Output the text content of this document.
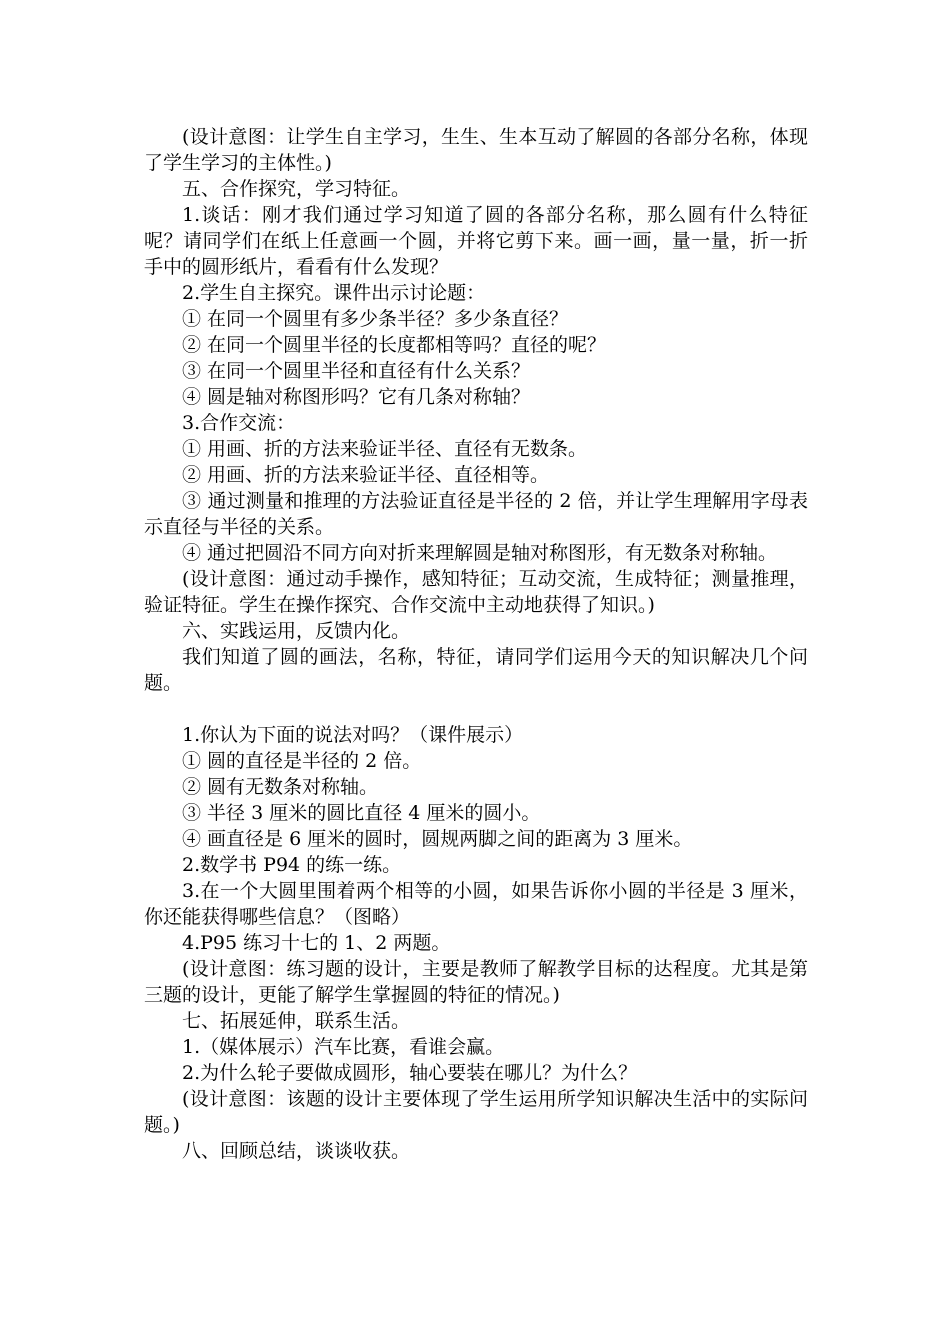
(设计意图：让学生自主学习，生生、生本互动了解圆的各部分名称，体现了学生学习的主体性。)

五、合作探究，学习特征。

1.谈话：刚才我们通过学习知道了圆的各部分名称，那么圆有什么特征呢？请同学们在纸上任意画一个圆，并将它剪下来。画一画，量一量，折一折手中的圆形纸片，看看有什么发现？

2.学生自主探究。课件出示讨论题：

① 在同一个圆里有多少条半径？多少条直径？

② 在同一个圆里半径的长度都相等吗？直径的呢？

③ 在同一个圆里半径和直径有什么关系？

④ 圆是轴对称图形吗？它有几条对称轴？

3.合作交流：

① 用画、折的方法来验证半径、直径有无数条。

② 用画、折的方法来验证半径、直径相等。

③ 通过测量和推理的方法验证直径是半径的 2 倍，并让学生理解用字母表示直径与半径的关系。

④ 通过把圆沿不同方向对折来理解圆是轴对称图形，有无数条对称轴。

(设计意图：通过动手操作，感知特征；互动交流，生成特征；测量推理，验证特征。学生在操作探究、合作交流中主动地获得了知识。)

六、实践运用，反馈内化。

我们知道了圆的画法，名称，特征，请同学们运用今天的知识解决几个问题。

1.你认为下面的说法对吗？（课件展示）

① 圆的直径是半径的 2 倍。

② 圆有无数条对称轴。

③ 半径 3 厘米的圆比直径 4 厘米的圆小。

④ 画直径是 6 厘米的圆时，圆规两脚之间的距离为 3 厘米。

2.数学书 P94 的练一练。

3.在一个大圆里围着两个相等的小圆，如果告诉你小圆的半径是 3 厘米，你还能获得哪些信息？（图略）

4.P95 练习十七的 1、2 两题。

(设计意图：练习题的设计，主要是教师了解教学目标的达程度。尤其是第三题的设计，更能了解学生掌握圆的特征的情况。)

七、拓展延伸，联系生活。

1.（媒体展示）汽车比赛，看谁会赢。

2.为什么轮子要做成圆形，轴心要装在哪儿？为什么？

(设计意图：该题的设计主要体现了学生运用所学知识解决生活中的实际问题。)

八、回顾总结，谈谈收获。
